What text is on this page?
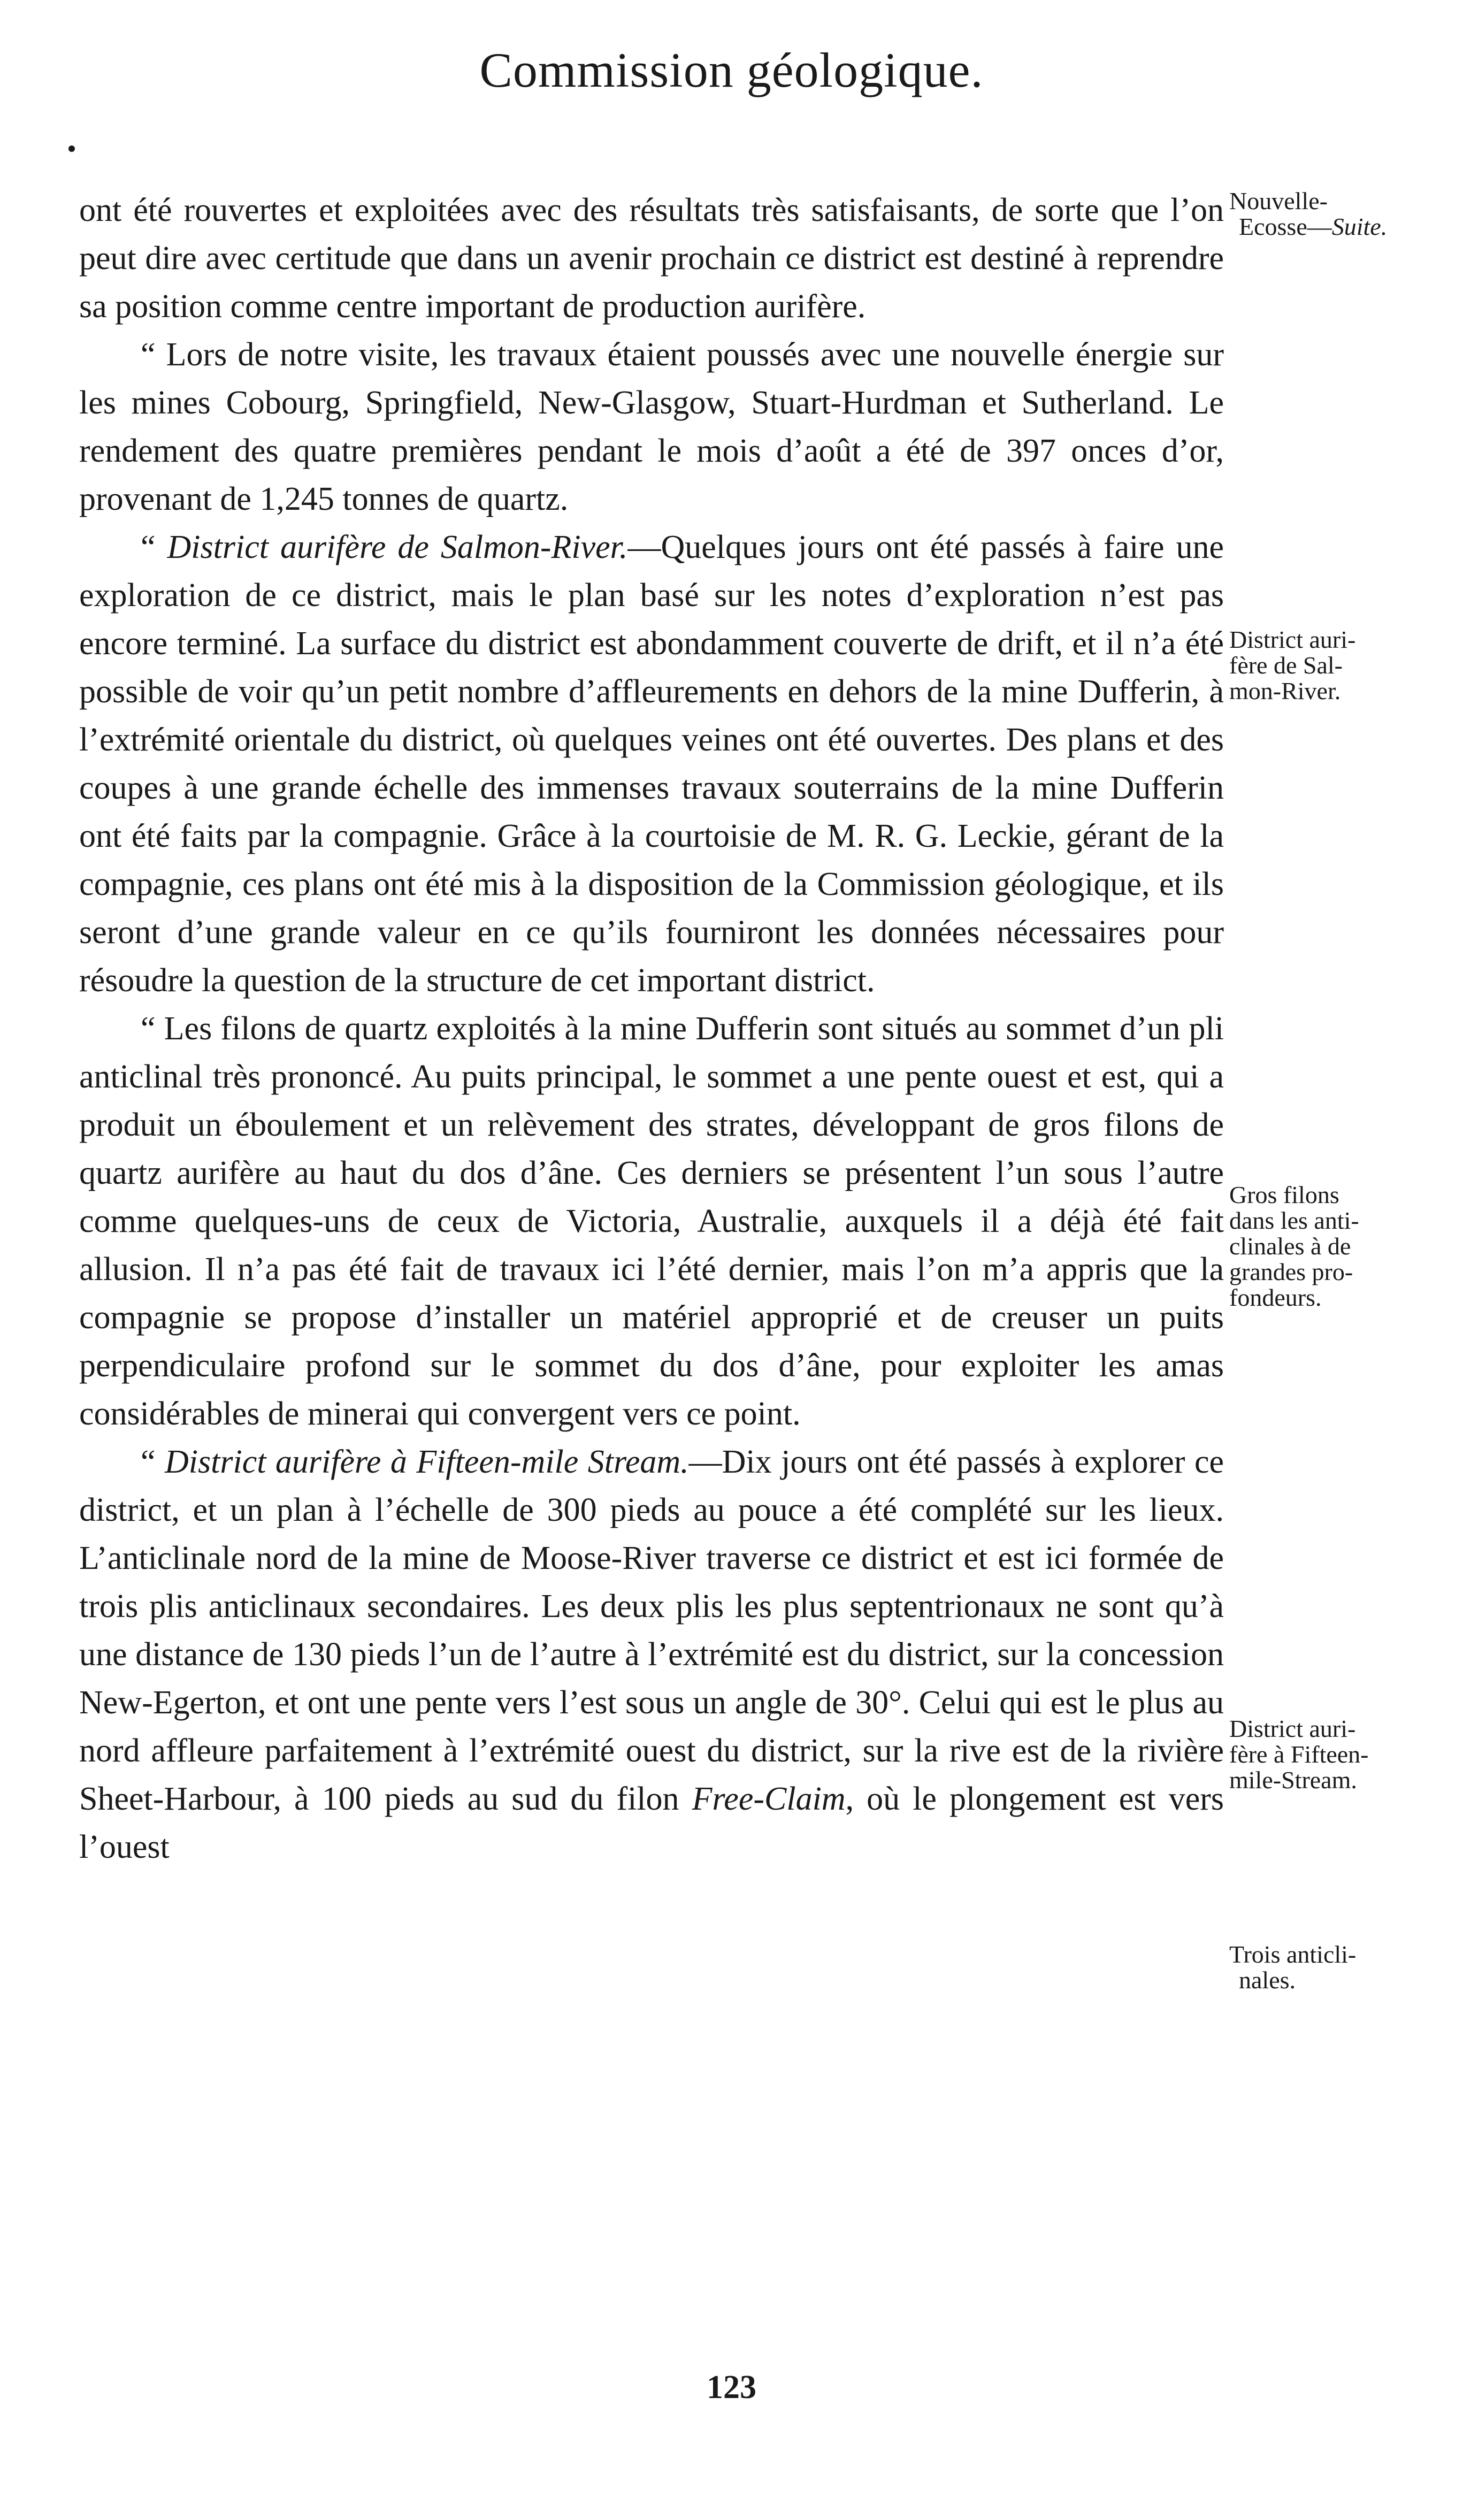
Commission géologique.

ont été rouvertes et exploitées avec des résultats très satisfaisants, de sorte que l’on peut dire avec certitude que dans un avenir prochain ce district est destiné à reprendre sa position comme centre important de production aurifère.

“ Lors de notre visite, les travaux étaient poussés avec une nouvelle énergie sur les mines Cobourg, Springfield, New-Glasgow, Stuart-Hurdman et Sutherland. Le rendement des quatre premières pendant le mois d’août a été de 397 onces d’or, provenant de 1,245 tonnes de quartz.

“ District aurifère de Salmon-River.—Quelques jours ont été passés à faire une exploration de ce district, mais le plan basé sur les notes d’exploration n’est pas encore terminé. La surface du district est abondamment couverte de drift, et il n’a été possible de voir qu’un petit nombre d’affleurements en dehors de la mine Dufferin, à l’extrémité orientale du district, où quelques veines ont été ouvertes. Des plans et des coupes à une grande échelle des immenses travaux souterrains de la mine Dufferin ont été faits par la compagnie. Grâce à la courtoisie de M. R. G. Leckie, gérant de la compagnie, ces plans ont été mis à la disposition de la Commission géologique, et ils seront d’une grande valeur en ce qu’ils fourniront les données nécessaires pour résoudre la question de la structure de cet important district.

“ Les filons de quartz exploités à la mine Dufferin sont situés au sommet d’un pli anticlinal très prononcé. Au puits principal, le sommet a une pente ouest et est, qui a produit un éboulement et un relèvement des strates, développant de gros filons de quartz aurifère au haut du dos d’âne. Ces derniers se présentent l’un sous l’autre comme quelques-uns de ceux de Victoria, Australie, auxquels il a déjà été fait allusion. Il n’a pas été fait de travaux ici l’été dernier, mais l’on m’a appris que la compagnie se propose d’installer un matériel approprié et de creuser un puits perpendiculaire profond sur le sommet du dos d’âne, pour exploiter les amas considérables de minerai qui convergent vers ce point.

“ District aurifère à Fifteen-mile Stream.—Dix jours ont été passés à explorer ce district, et un plan à l’échelle de 300 pieds au pouce a été complété sur les lieux. L’anticlinale nord de la mine de Moose-River traverse ce district et est ici formée de trois plis anticlinaux secondaires. Les deux plis les plus septentrionaux ne sont qu’à une distance de 130 pieds l’un de l’autre à l’extrémité est du district, sur la concession New-Egerton, et ont une pente vers l’est sous un angle de 30°. Celui qui est le plus au nord affleure parfaitement à l’extrémité ouest du district, sur la rive est de la rivière Sheet-Harbour, à 100 pieds au sud du filon Free-Claim, où le plongement est vers l’ouest

Nouvelle-
Ecosse—Suite.
District auri-
fère de Sal-
mon-River.
Gros filons
dans les anti-
clinales à de
grandes pro-
fondeurs.
District auri-
fère à Fifteen-
mile-Stream.
Trois anticli-
nales.
123
